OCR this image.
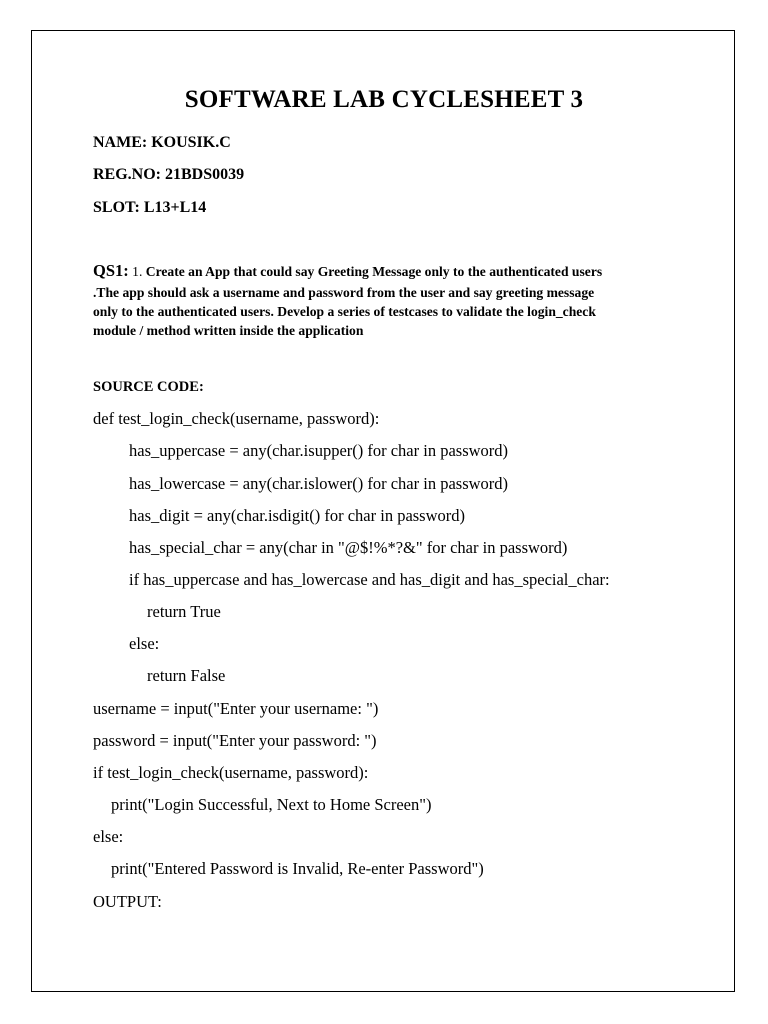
SOFTWARE LAB CYCLESHEET 3
NAME: KOUSIK.C
REG.NO: 21BDS0039
SLOT: L13+L14
QS1: 1. Create an App that could say Greeting Message only to the authenticated users
.The app should ask a username and password from the user and say greeting message
only to the authenticated users. Develop a series of testcases to validate the login_check
module / method written inside the application
SOURCE CODE:
def test_login_check(username, password):
has_uppercase = any(char.isupper() for char in password)
has_lowercase = any(char.islower() for char in password)
has_digit = any(char.isdigit() for char in password)
has_special_char = any(char in "@$!%*?&" for char in password)
if has_uppercase and has_lowercase and has_digit and has_special_char:
return True
else:
return False
username = input("Enter your username: ")
password = input("Enter your password: ")
if test_login_check(username, password):
print("Login Successful, Next to Home Screen")
else:
print("Entered Password is Invalid, Re-enter Password")
OUTPUT:
